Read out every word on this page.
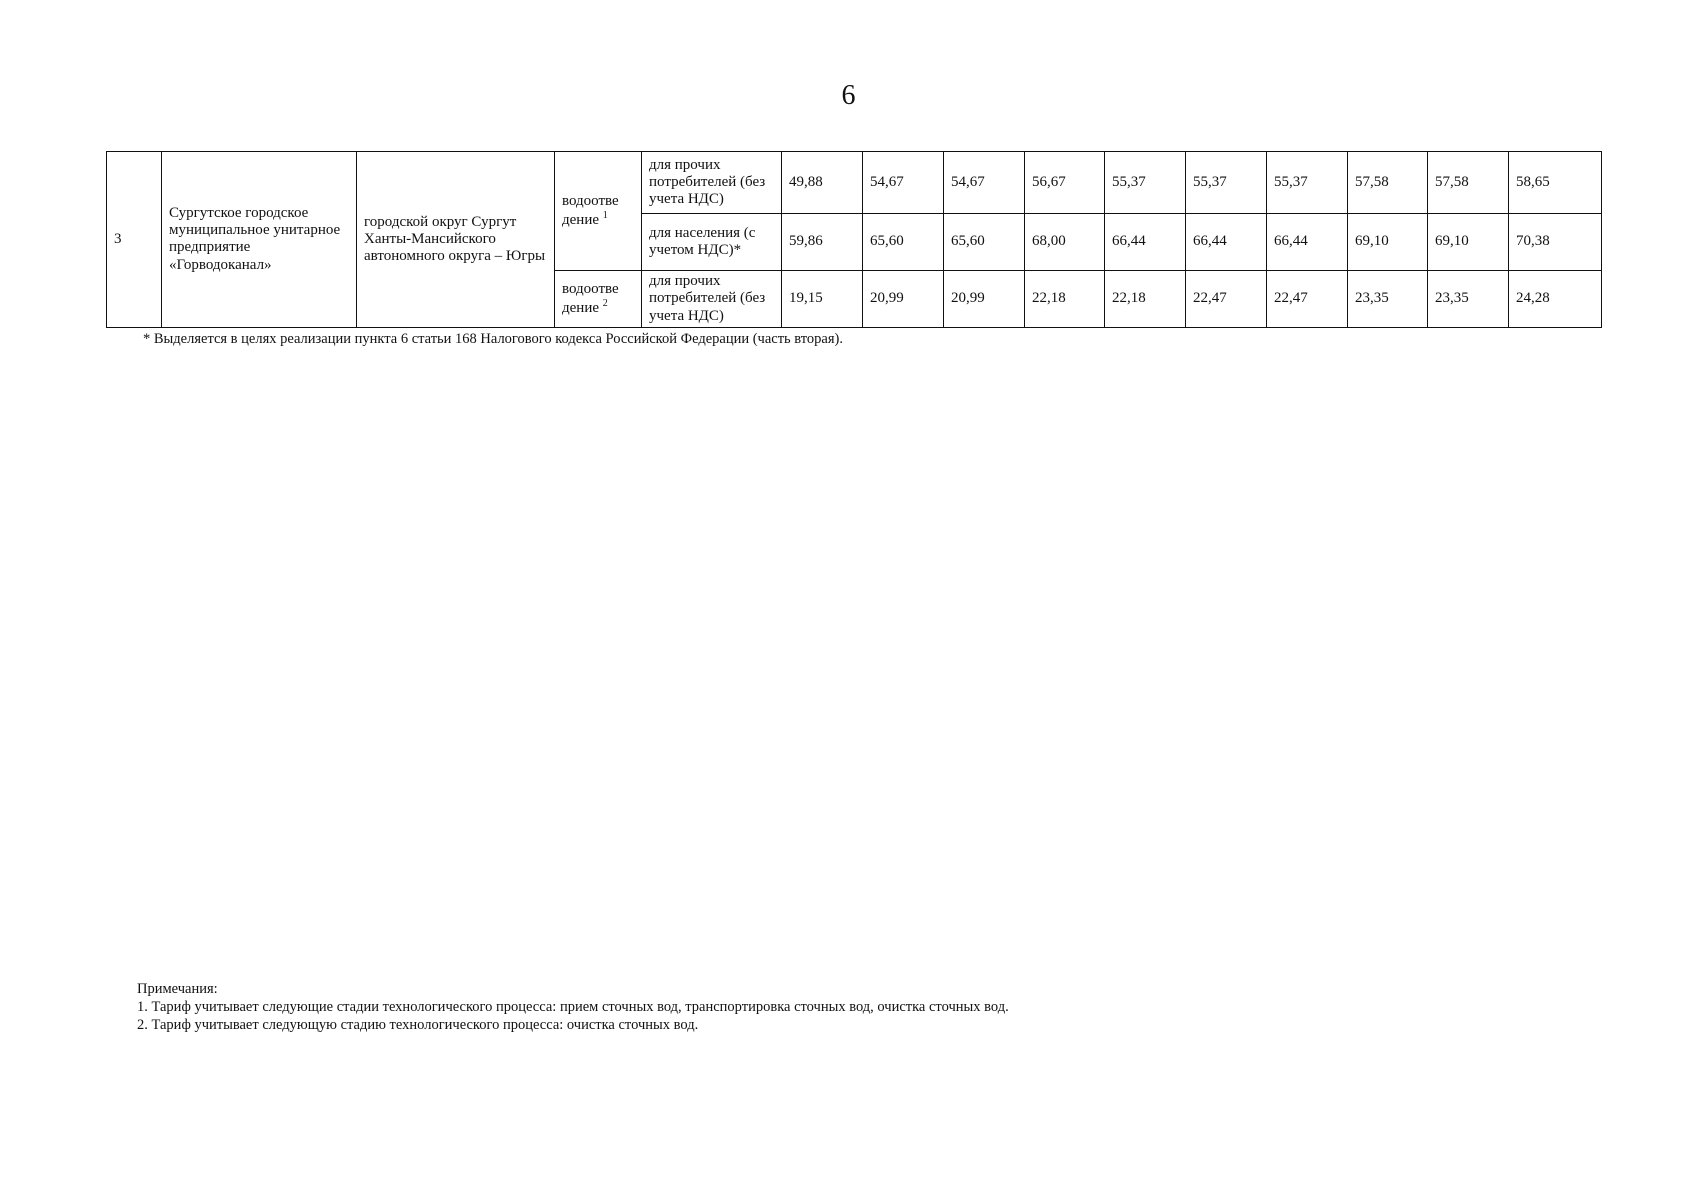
6
3	Сургутское городское муниципальное унитарное предприятие «Горводоканал»	городской округ Сургут Ханты-Мансийского автономного округа – Югры	водоотве дение $^1$	для прочих потребителей (без учета НДС)	49,88	54,67	54,67	56,67	55,37	55,37	55,37	57,58	57,58	58,65
				для населения (с учетом НДС)*	59,86	65,60	65,60	68,00	66,44	66,44	66,44	69,10	69,10	70,38
			водоотве дение $^2$	для прочих потребителей (без учета НДС)	19,15	20,99	20,99	22,18	22,18	22,47	22,47	23,35	23,35	24,28
* Выделяется в целях реализации пункта 6 статьи 168 Налогового кодекса Российской Федерации (часть вторая).
Примечания:
1. Тариф учитывает следующие стадии технологического процесса: прием сточных вод, транспортировка сточных вод, очистка сточных вод.
2. Тариф учитывает следующую стадию технологического процесса: очистка сточных вод.
